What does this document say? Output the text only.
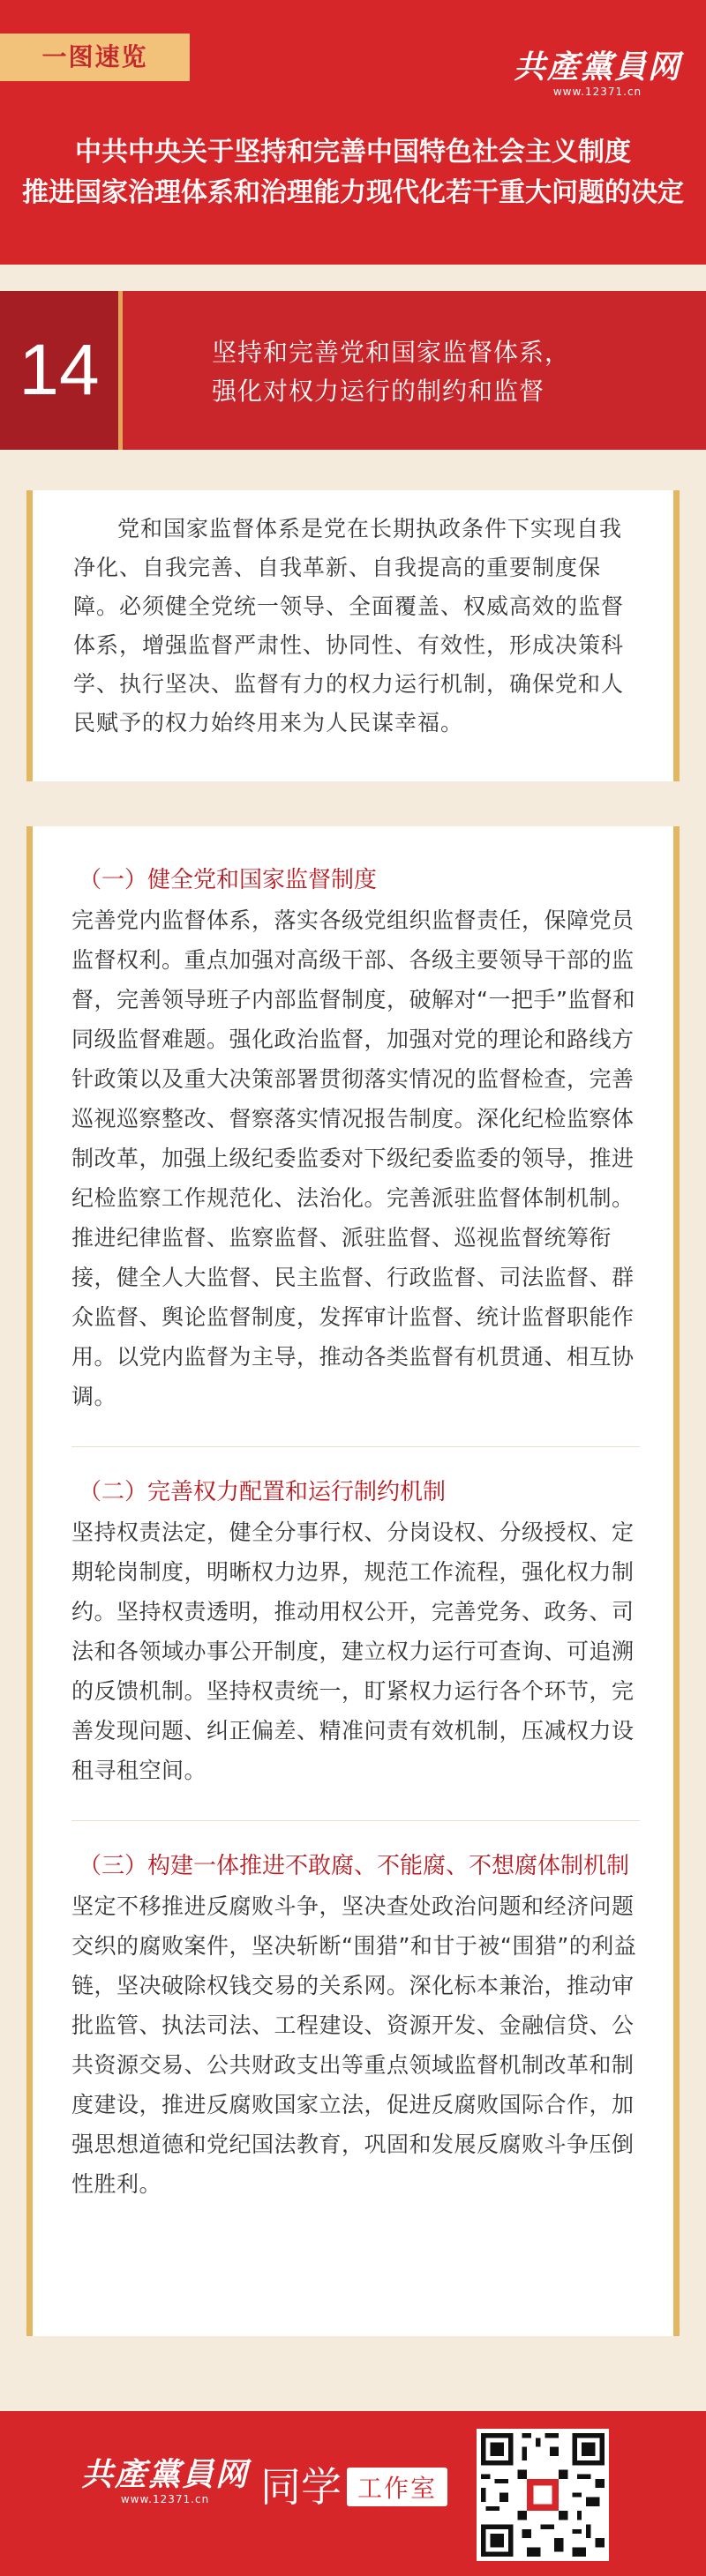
一图速览	共產黨員网
www.12371.cn
中共中央关于坚持和完善中国特色社会主义制度
推进国家治理体系和治理能力现代化若干重大问题的决定
14	坚持和完善党和国家监督体系，
强化对权力运行的制约和监督

党和国家监督体系是党在长期执政条件下实现自我净化、自我完善、自我革新、自我提高的重要制度保障。必须健全党统一领导、全面覆盖、权威高效的监督体系，增强监督严肃性、协同性、有效性，形成决策科学、执行坚决、监督有力的权力运行机制，确保党和人民赋予的权力始终用来为人民谋幸福。

（一）健全党和国家监督制度

完善党内监督体系，落实各级党组织监督责任，保障党员监督权利。重点加强对高级干部、各级主要领导干部的监督，完善领导班子内部监督制度，破解对“一把手”监督和同级监督难题。强化政治监督，加强对党的理论和路线方针政策以及重大决策部署贯彻落实情况的监督检查，完善巡视巡察整改、督察落实情况报告制度。深化纪检监察体制改革，加强上级纪委监委对下级纪委监委的领导，推进纪检监察工作规范化、法治化。完善派驻监督体制机制。推进纪律监督、监察监督、派驻监督、巡视监督统筹衔接，健全人大监督、民主监督、行政监督、司法监督、群众监督、舆论监督制度，发挥审计监督、统计监督职能作用。以党内监督为主导，推动各类监督有机贯通、相互协调。

（二）完善权力配置和运行制约机制

坚持权责法定，健全分事行权、分岗设权、分级授权、定期轮岗制度，明晰权力边界，规范工作流程，强化权力制约。坚持权责透明，推动用权公开，完善党务、政务、司法和各领域办事公开制度，建立权力运行可查询、可追溯的反馈机制。坚持权责统一，盯紧权力运行各个环节，完善发现问题、纠正偏差、精准问责有效机制，压减权力设租寻租空间。

（三）构建一体推进不敢腐、不能腐、不想腐体制机制

坚定不移推进反腐败斗争，坚决查处政治问题和经济问题交织的腐败案件，坚决斩断“围猎”和甘于被“围猎”的利益链，坚决破除权钱交易的关系网。深化标本兼治，推动审批监管、执法司法、工程建设、资源开发、金融信贷、公共资源交易、公共财政支出等重点领域监督机制改革和制度建设，推进反腐败国家立法，促进反腐败国际合作，加强思想道德和党纪国法教育，巩固和发展反腐败斗争压倒性胜利。

共產黨員网
www.12371.cn	同学 工作室
